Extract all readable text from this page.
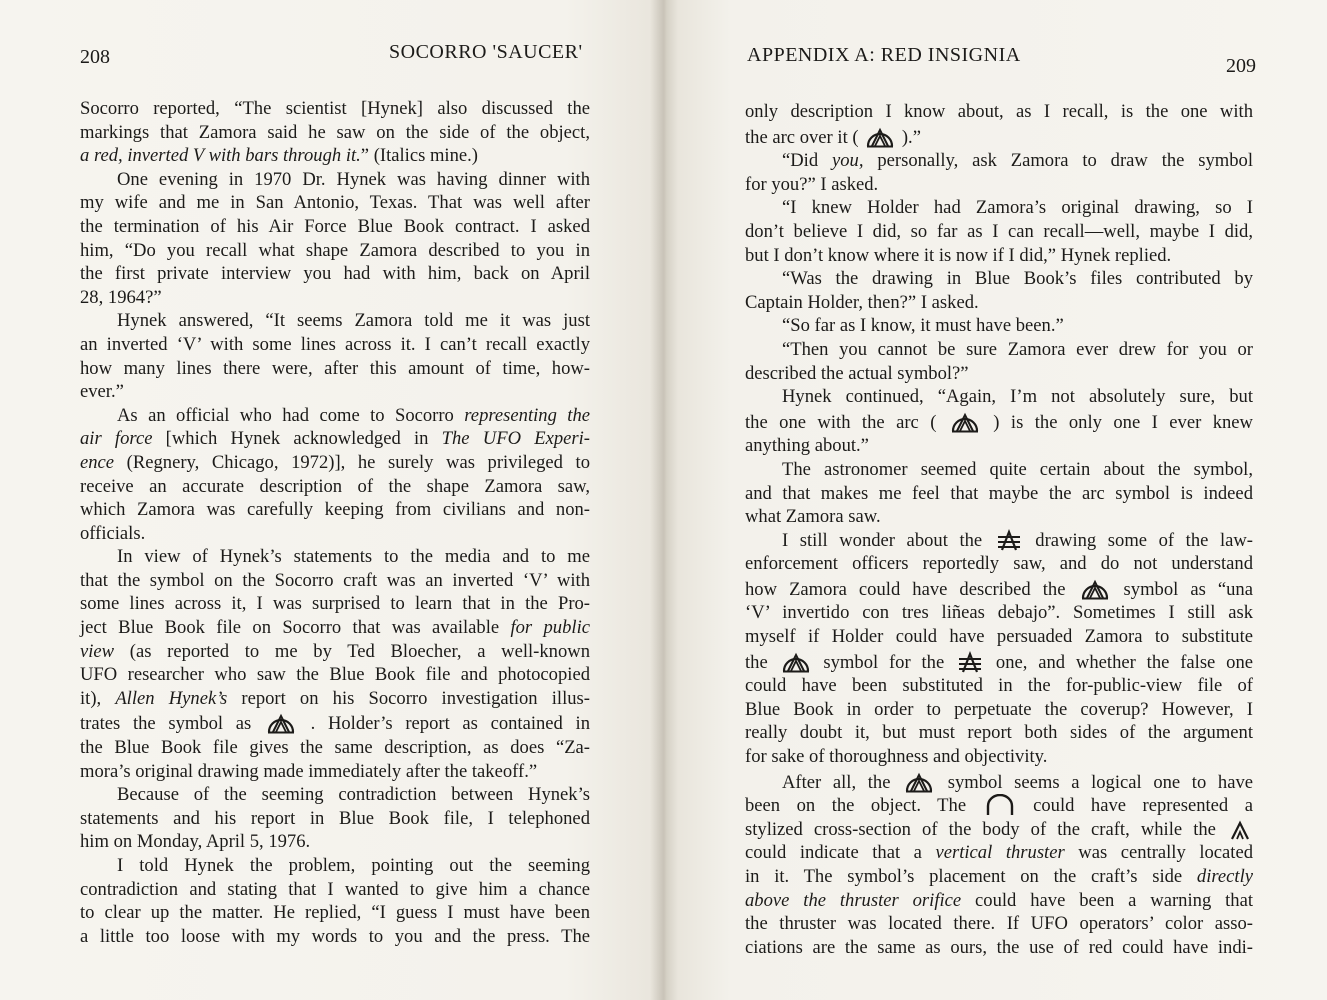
208	SOCORRO 'SAUCER'
Socorro reported, “The scientist [Hynek] also discussed the
markings that Zamora said he saw on the side of the object,
a red, inverted V with bars through it.” (Italics mine.)
One evening in 1970 Dr. Hynek was having dinner with
my wife and me in San Antonio, Texas. That was well after
the termination of his Air Force Blue Book contract. I asked
him, “Do you recall what shape Zamora described to you in
the first private interview you had with him, back on April
28, 1964?”
Hynek answered, “It seems Zamora told me it was just
an inverted ‘V’ with some lines across it. I can’t recall exactly
how many lines there were, after this amount of time, how-
ever.”
As an official who had come to Socorro representing the
air force [which Hynek acknowledged in The UFO Experi-
ence (Regnery, Chicago, 1972)], he surely was privileged to
receive an accurate description of the shape Zamora saw,
which Zamora was carefully keeping from civilians and non-
officials.
In view of Hynek’s statements to the media and to me
that the symbol on the Socorro craft was an inverted ‘V’ with
some lines across it, I was surprised to learn that in the Pro-
ject Blue Book file on Socorro that was available for public
view (as reported to me by Ted Bloecher, a well-known
UFO researcher who saw the Blue Book file and photocopied
it), Allen Hynek’s report on his Socorro investigation illus-
trates the symbol as
. Holder’s report as contained in
the Blue Book file gives the same description, as does “Za-
mora’s original drawing made immediately after the takeoff.”
Because of the seeming contradiction between Hynek’s
statements and his report in Blue Book file, I telephoned
him on Monday, April 5, 1976.
I told Hynek the problem, pointing out the seeming
contradiction and stating that I wanted to give him a chance
to clear up the matter. He replied, “I guess I must have been
a little too loose with my words to you and the press. The
APPENDIX A: RED INSIGNIA	209
only description I know about, as I recall, is the one with
the arc over it (
).”
“Did you, personally, ask Zamora to draw the symbol
for you?” I asked.
“I knew Holder had Zamora’s original drawing, so I
don’t believe I did, so far as I can recall—well, maybe I did,
but I don’t know where it is now if I did,” Hynek replied.
“Was the drawing in Blue Book’s files contributed by
Captain Holder, then?” I asked.
“So far as I know, it must have been.”
“Then you cannot be sure Zamora ever drew for you or
described the actual symbol?”
Hynek continued, “Again, I’m not absolutely sure, but
the one with the arc (
) is the only one I ever knew
anything about.”
The astronomer seemed quite certain about the symbol,
and that makes me feel that maybe the arc symbol is indeed
what Zamora saw.
I still wonder about the
drawing some of the law-
enforcement officers reportedly saw, and do not understand
how Zamora could have described the
symbol as “una
‘V’ invertido con tres liñeas debajo”. Sometimes I still ask
myself if Holder could have persuaded Zamora to substitute
the
symbol for the
one, and whether the false one
could have been substituted in the for-public-view file of
Blue Book in order to perpetuate the coverup? However, I
really doubt it, but must report both sides of the argument
for sake of thoroughness and objectivity.
After all, the
symbol seems a logical one to have
been on the object. The
could have represented a
stylized cross-section of the body of the craft, while the
could indicate that a vertical thruster was centrally located
in it. The symbol’s placement on the craft’s side directly
above the thruster orifice could have been a warning that
the thruster was located there. If UFO operators’ color asso-
ciations are the same as ours, the use of red could have indi-
